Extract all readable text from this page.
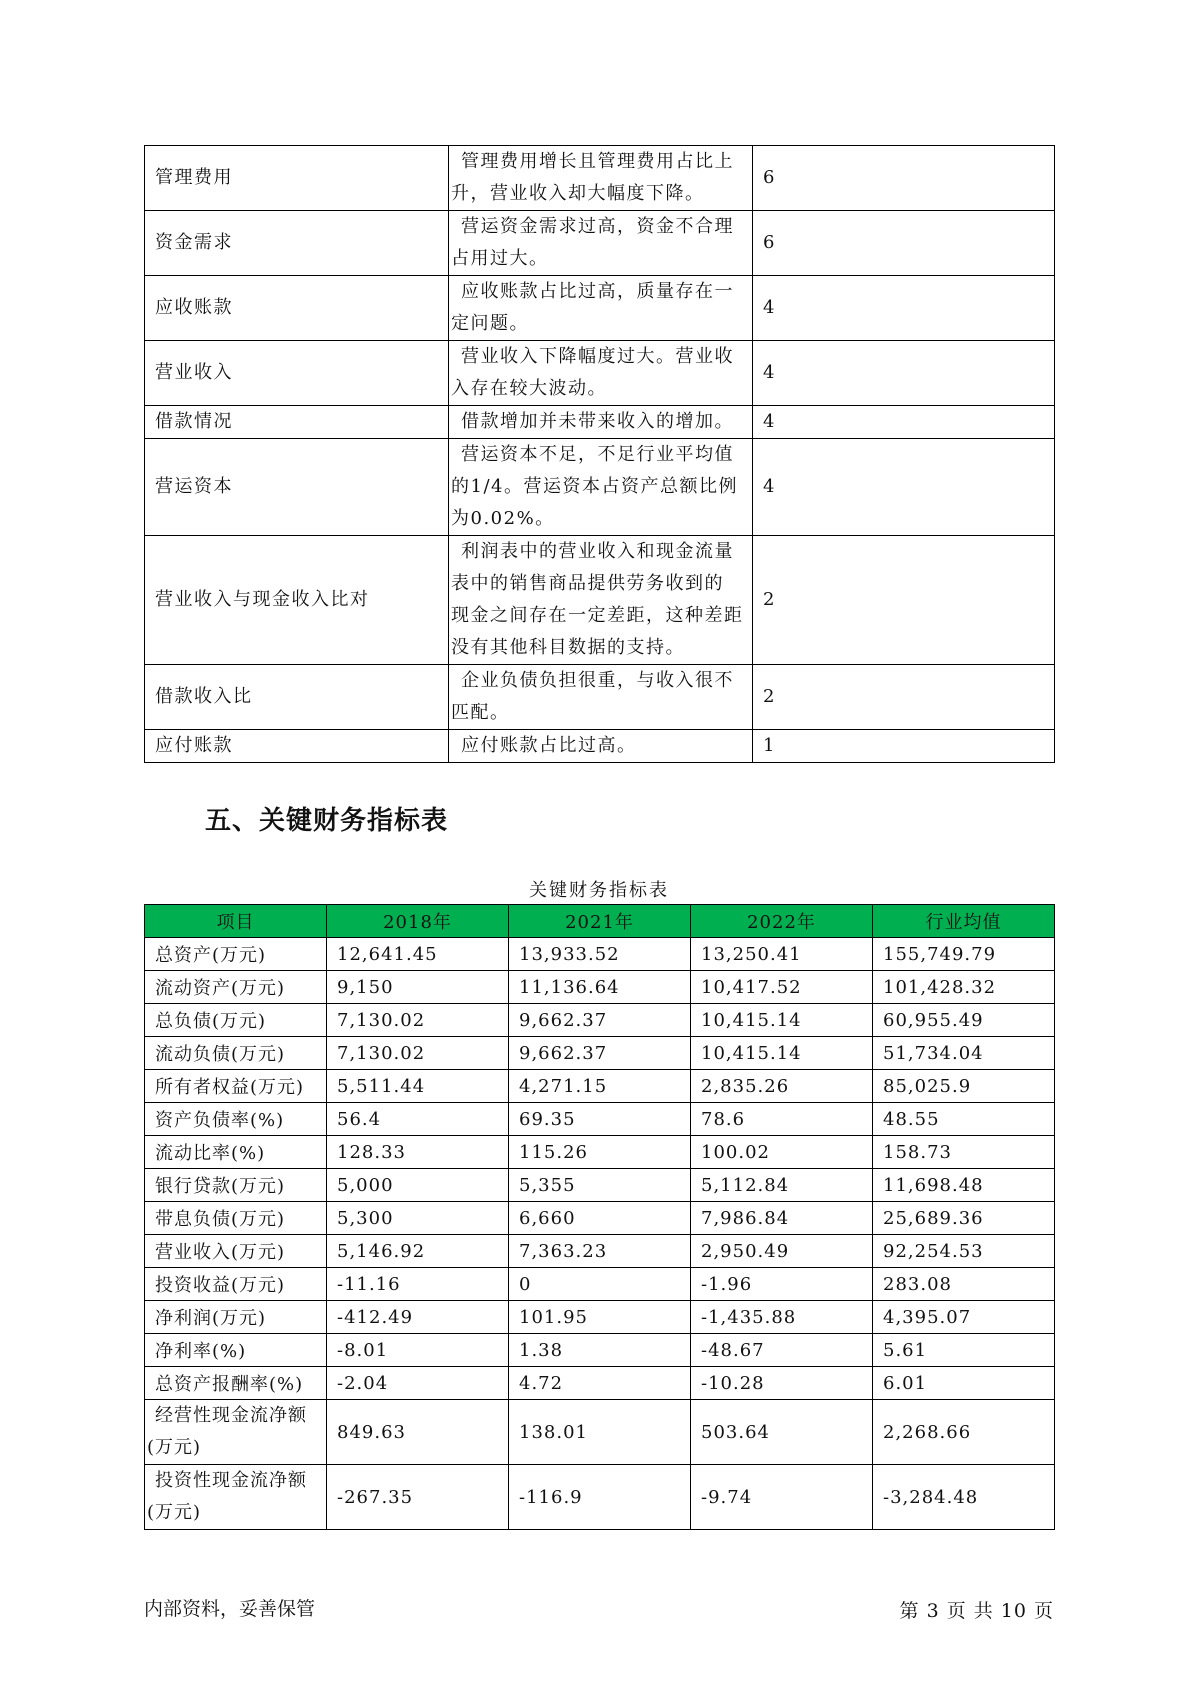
管理费用	管理费用增长且管理费用占比上
升，营业收入却大幅度下降。	6
资金需求	营运资金需求过高，资金不合理
占用过大。	6
应收账款	应收账款占比过高，质量存在一
定问题。	4
营业收入	营业收入下降幅度过大。营业收
入存在较大波动。	4
借款情况	借款增加并未带来收入的增加。	4
营运资本	营运资本不足，不足行业平均值
的1/4。营运资本占资产总额比例
为0.02%。	4
营业收入与现金收入比对	利润表中的营业收入和现金流量
表中的销售商品提供劳务收到的
现金之间存在一定差距，这种差距
没有其他科目数据的支持。	2
借款收入比	企业负债负担很重，与收入很不
匹配。	2
应付账款	应付账款占比过高。	1
五、关键财务指标表
关键财务指标表
项目	2018年	2021年	2022年	行业均值
总资产(万元)	12,641.45	13,933.52	13,250.41	155,749.79
流动资产(万元)	9,150	11,136.64	10,417.52	101,428.32
总负债(万元)	7,130.02	9,662.37	10,415.14	60,955.49
流动负债(万元)	7,130.02	9,662.37	10,415.14	51,734.04
所有者权益(万元)	5,511.44	4,271.15	2,835.26	85,025.9
资产负债率(%)	56.4	69.35	78.6	48.55
流动比率(%)	128.33	115.26	100.02	158.73
银行贷款(万元)	5,000	5,355	5,112.84	11,698.48
带息负债(万元)	5,300	6,660	7,986.84	25,689.36
营业收入(万元)	5,146.92	7,363.23	2,950.49	92,254.53
投资收益(万元)	-11.16	0	-1.96	283.08
净利润(万元)	-412.49	101.95	-1,435.88	4,395.07
净利率(%)	-8.01	1.38	-48.67	5.61
总资产报酬率(%)	-2.04	4.72	-10.28	6.01

经营性现金流净额
(万元)	849.63	138.01	503.64	2,268.66

投资性现金流净额
(万元)	-267.35	-116.9	-9.74	-3,284.48
内部资料，妥善保管	第 3 页 共 10 页
